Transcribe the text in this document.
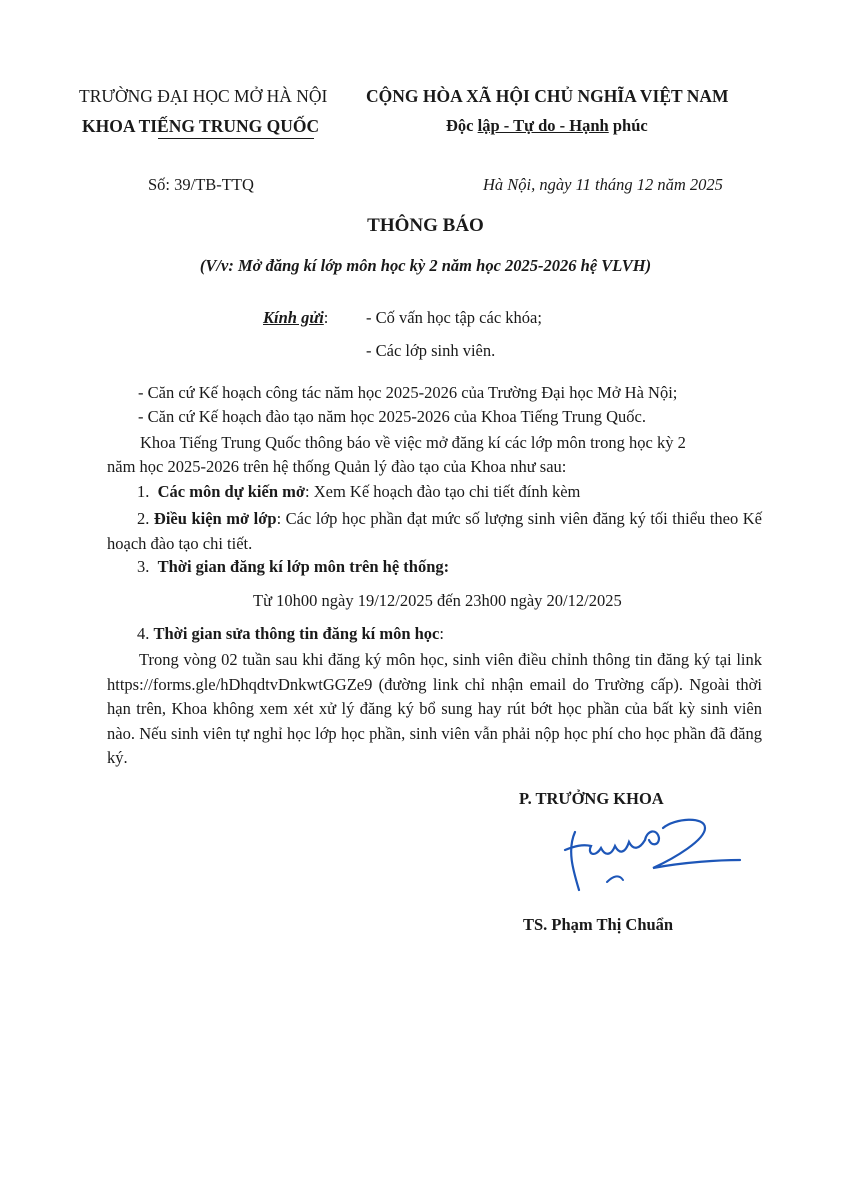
TRƯỜNG ĐẠI HỌC MỞ HÀ NỘI
KHOA TIẾNG TRUNG QUỐC
CỘNG HÒA XÃ HỘI CHỦ NGHĨA VIỆT NAM
Độc lập - Tự do - Hạnh phúc
Số: 39/TB-TTQ	Hà Nội, ngày 11 tháng 12 năm 2025
THÔNG BÁO
(V/v: Mở đăng kí lớp môn học kỳ 2 năm học 2025-2026 hệ VLVH)
Kính gửi: - Cố vấn học tập các khóa;
- Các lớp sinh viên.
- Căn cứ Kế hoạch công tác năm học 2025-2026 của Trường Đại học Mở Hà Nội;
- Căn cứ Kế hoạch đào tạo năm học 2025-2026 của Khoa Tiếng Trung Quốc.
Khoa Tiếng Trung Quốc thông báo về việc mở đăng kí các lớp môn trong học kỳ 2
năm học 2025-2026 trên hệ thống Quản lý đào tạo của Khoa như sau:
1. Các môn dự kiến mở: Xem Kế hoạch đào tạo chi tiết đính kèm
2. Điều kiện mở lớp: Các lớp học phần đạt mức số lượng sinh viên đăng ký tối thiểu theo Kế hoạch đào tạo chi tiết.
3. Thời gian đăng kí lớp môn trên hệ thống:
Từ 10h00 ngày 19/12/2025 đến 23h00 ngày 20/12/2025
4. Thời gian sửa thông tin đăng kí môn học:
Trong vòng 02 tuần sau khi đăng ký môn học, sinh viên điều chỉnh thông tin đăng ký tại link https://forms.gle/hDhqdtvDnkwtGGZe9 (đường link chỉ nhận email do Trường cấp). Ngoài thời hạn trên, Khoa không xem xét xử lý đăng ký bổ sung hay rút bớt học phần của bất kỳ sinh viên nào. Nếu sinh viên tự nghỉ học lớp học phần, sinh viên vẫn phải nộp học phí cho học phần đã đăng ký.
P. TRƯỞNG KHOA
TS. Phạm Thị Chuẩn
